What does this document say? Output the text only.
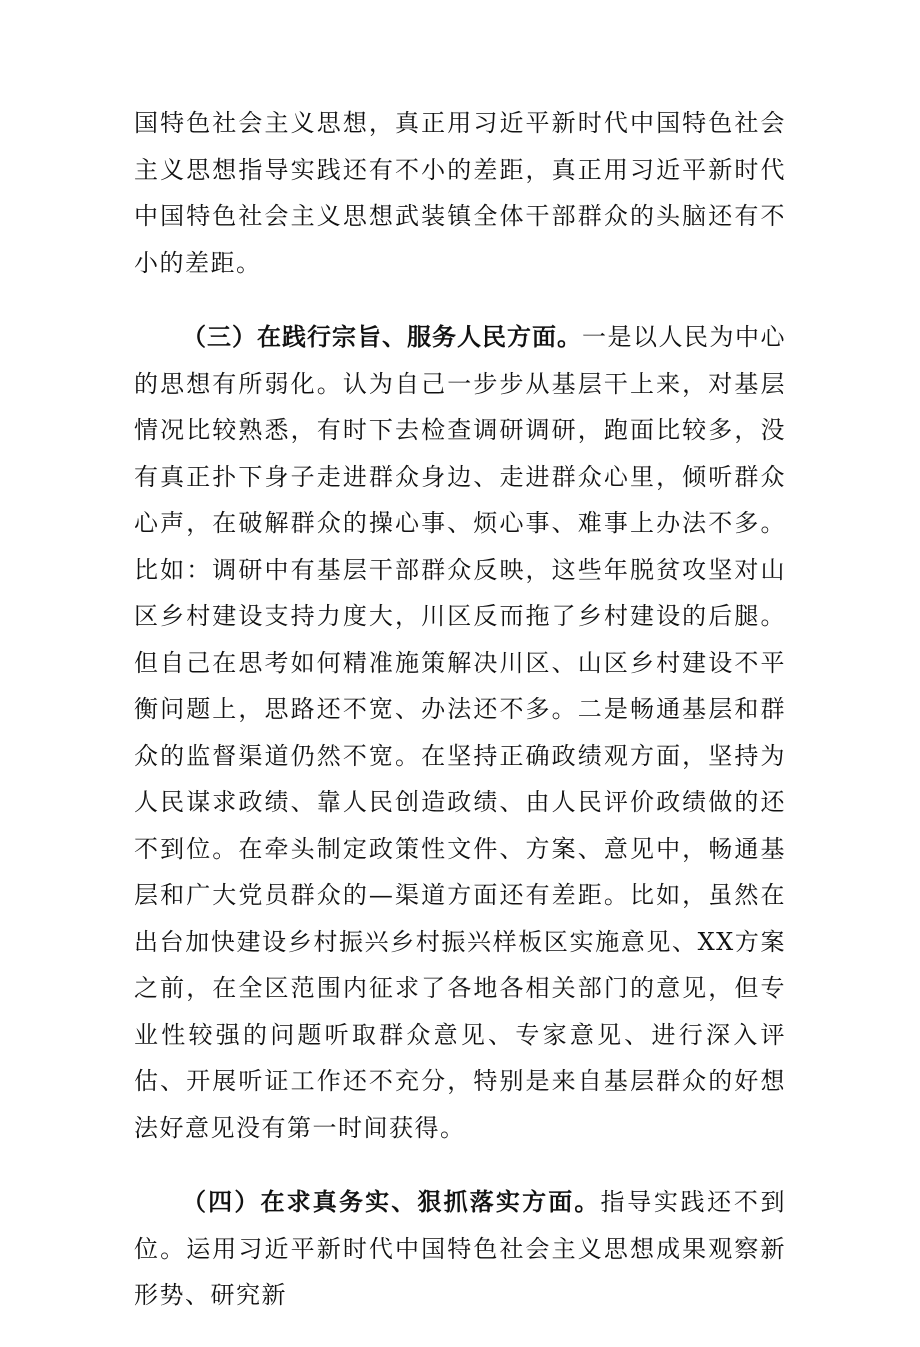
国特色社会主义思想，真正用习近平新时代中国特色社会主义思想指导实践还有不小的差距，真正用习近平新时代中国特色社会主义思想武装镇全体干部群众的头脑还有不小的差距。

（三）在践行宗旨、服务人民方面。一是以人民为中心的思想有所弱化。认为自己一步步从基层干上来，对基层情况比较熟悉，有时下去检查调研调研，跑面比较多，没有真正扑下身子走进群众身边、走进群众心里，倾听群众心声，在破解群众的操心事、烦心事、难事上办法不多。比如：调研中有基层干部群众反映，这些年脱贫攻坚对山区乡村建设支持力度大，川区反而拖了乡村建设的后腿。但自己在思考如何精准施策解决川区、山区乡村建设不平衡问题上，思路还不宽、办法还不多。二是畅通基层和群众的监督渠道仍然不宽。在坚持正确政绩观方面，坚持为人民谋求政绩、靠人民创造政绩、由人民评价政绩做的还不到位。在牵头制定政策性文件、方案、意见中，畅通基层和广大党员群众的—渠道方面还有差距。比如，虽然在出台加快建设乡村振兴乡村振兴样板区实施意见、XX方案之前，在全区范围内征求了各地各相关部门的意见，但专业性较强的问题听取群众意见、专家意见、进行深入评估、开展听证工作还不充分，特别是来自基层群众的好想法好意见没有第一时间获得。

（四）在求真务实、狠抓落实方面。指导实践还不到位。运用习近平新时代中国特色社会主义思想成果观察新形势、研究新
